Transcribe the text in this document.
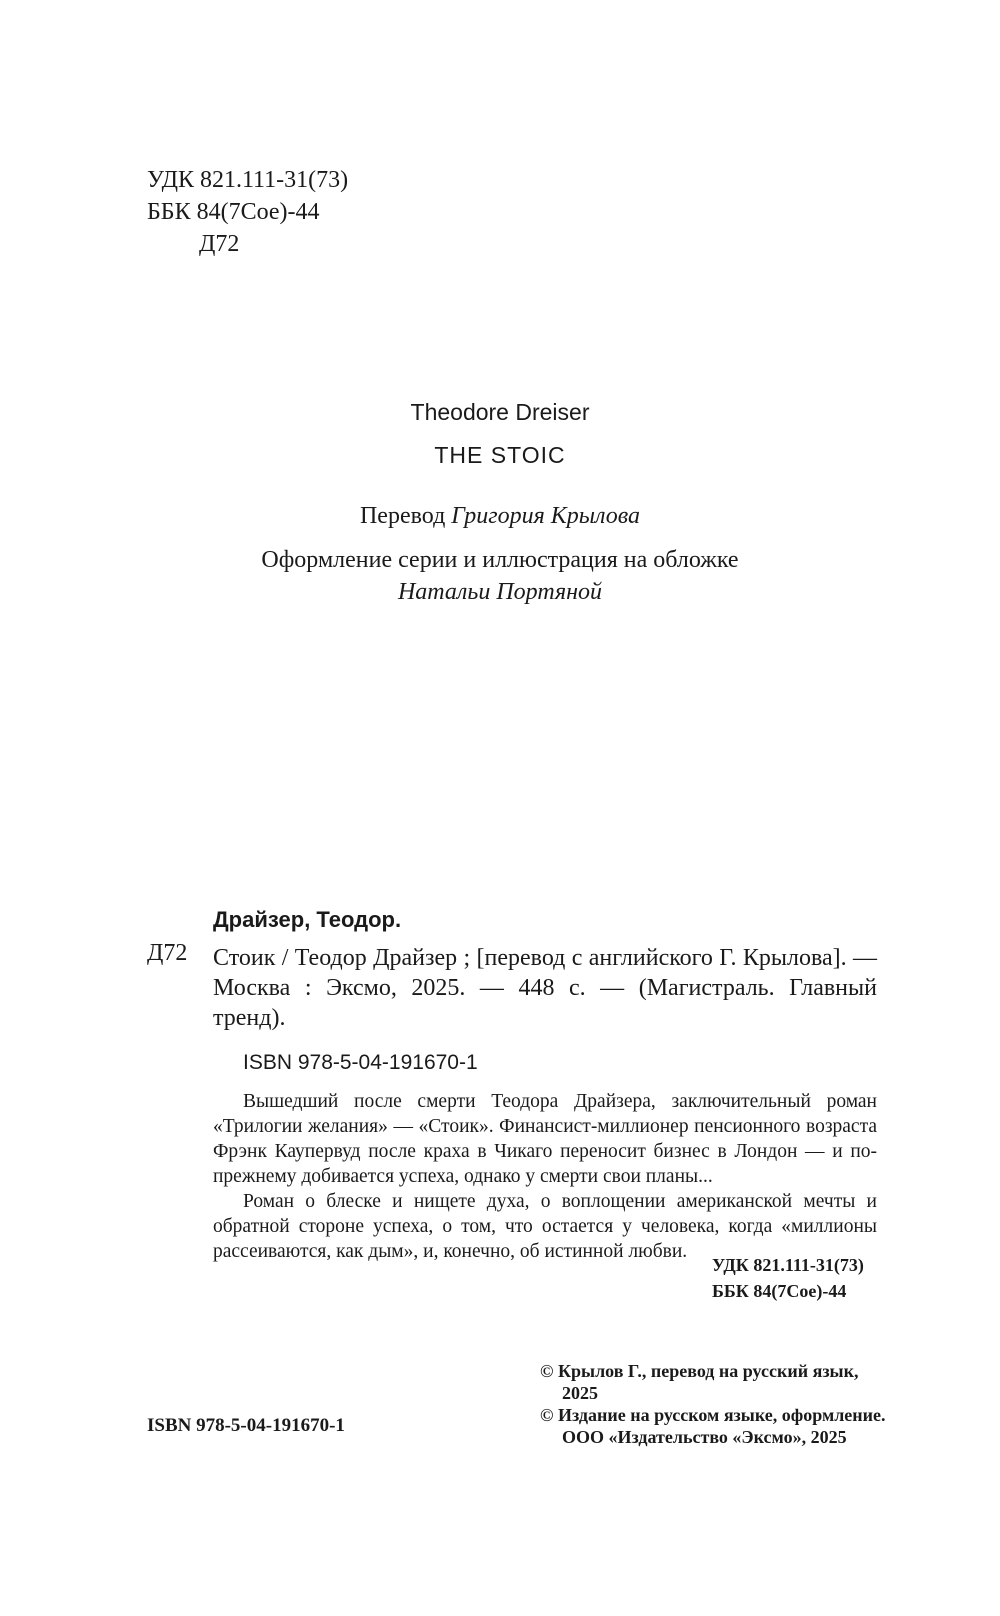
УДК 821.111-31(73)
ББК 84(7Сое)-44
Д72
Theodore Dreiser
THE STOIC
Перевод Григория Крылова
Оформление серии и иллюстрация на обложке
Натальи Портяной
Д72
Драйзер, Теодор.
Стоик / Теодор Драйзер ; [перевод с английского Г. Крылова]. — Москва : Эксмо, 2025. — 448 с. — (Магистраль. Главный тренд).
ISBN 978-5-04-191670-1

Вышедший после смерти Теодора Драйзера, заключительный роман «Трилогии желания» — «Стоик». Финансист-миллионер пенсионного возраста Фрэнк Каупервуд после краха в Чикаго переносит бизнес в Лондон — и по-прежнему добивается успеха, однако у смерти свои планы...

Роман о блеске и нищете духа, о воплощении американской мечты и обратной стороне успеха, о том, что остается у человека, когда «миллионы рассеиваются, как дым», и, конечно, об истинной любви.

УДК 821.111-31(73)
ББК 84(7Сое)-44
© Крылов Г., перевод на русский язык,
2025
© Издание на русском языке, оформление.
ООО «Издательство «Эксмо», 2025
ISBN 978-5-04-191670-1
